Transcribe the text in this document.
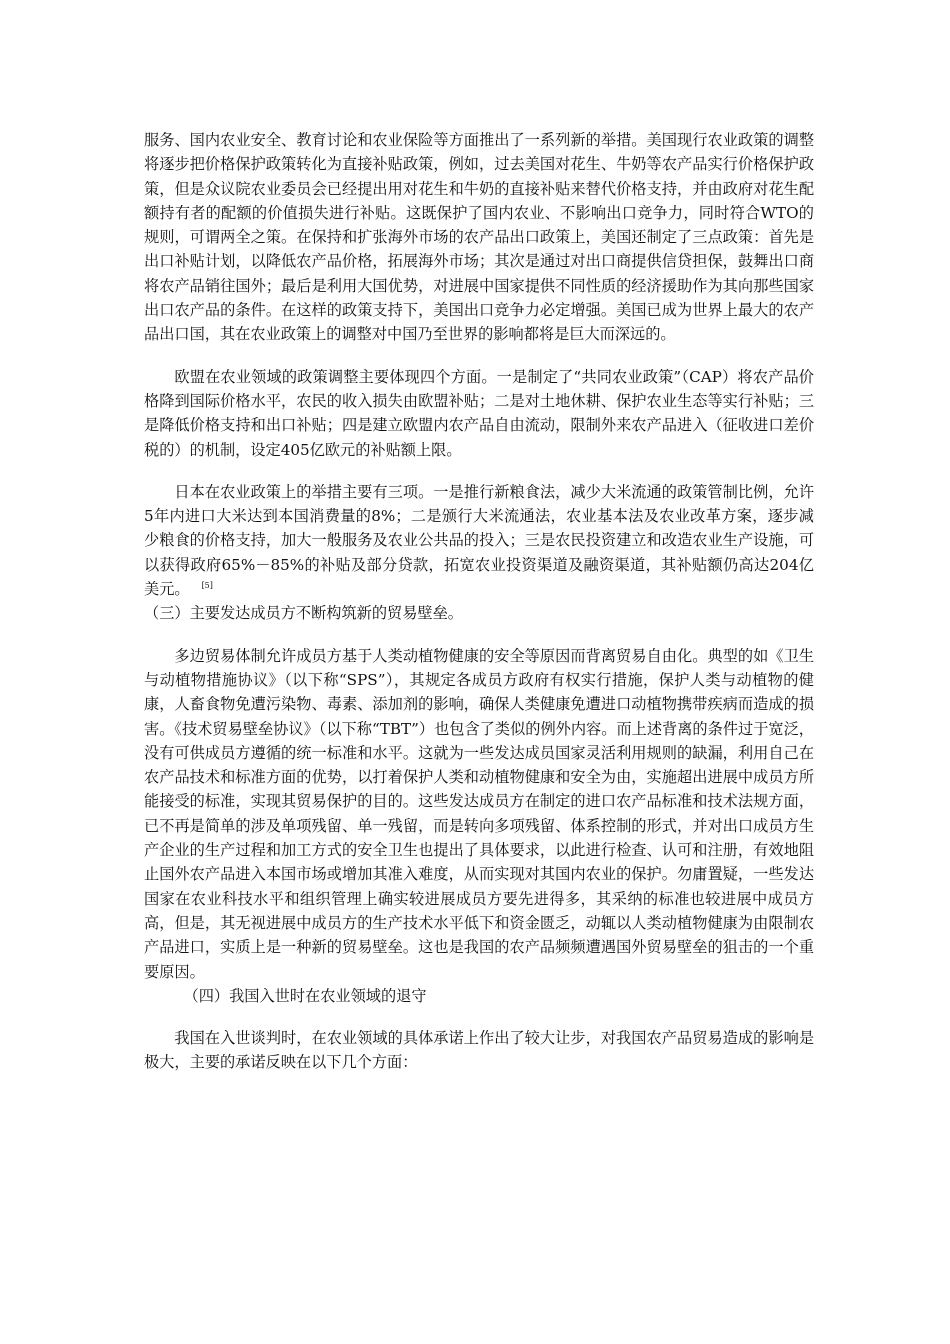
服务、国内农业安全、教育讨论和农业保险等方面推出了一系列新的举措。美国现行农业政策的调整将逐步把价格保护政策转化为直接补贴政策，例如，过去美国对花生、牛奶等农产品实行价格保护政策，但是众议院农业委员会已经提出用对花生和牛奶的直接补贴来替代价格支持，并由政府对花生配额持有者的配额的价值损失进行补贴。这既保护了国内农业、不影响出口竞争力，同时符合WTO的规则，可谓两全之策。在保持和扩张海外市场的农产品出口政策上，美国还制定了三点政策：首先是出口补贴计划，以降低农产品价格，拓展海外市场；其次是通过对出口商提供信贷担保，鼓舞出口商将农产品销往国外；最后是利用大国优势，对进展中国家提供不同性质的经济援助作为其向那些国家出口农产品的条件。在这样的政策支持下，美国出口竞争力必定增强。美国已成为世界上最大的农产品出口国，其在农业政策上的调整对中国乃至世界的影响都将是巨大而深远的。

欧盟在农业领域的政策调整主要体现四个方面。一是制定了“共同农业政策”（CAP）将农产品价格降到国际价格水平，农民的收入损失由欧盟补贴；二是对土地休耕、保护农业生态等实行补贴；三是降低价格支持和出口补贴；四是建立欧盟内农产品自由流动，限制外来农产品进入（征收进口差价税的）的机制，设定405亿欧元的补贴额上限。

日本在农业政策上的举措主要有三项。一是推行新粮食法，减少大米流通的政策管制比例，允许5年内进口大米达到本国消费量的8%；二是颁行大米流通法，农业基本法及农业改革方案，逐步减少粮食的价格支持，加大一般服务及农业公共品的投入；三是农民投资建立和改造农业生产设施，可以获得政府65%－85%的补贴及部分贷款，拓宽农业投资渠道及融资渠道，其补贴额仍高达204亿美元。 [5]

（三）主要发达成员方不断构筑新的贸易壁垒。

多边贸易体制允许成员方基于人类动植物健康的安全等原因而背离贸易自由化。典型的如《卫生与动植物措施协议》（以下称“SPS”），其规定各成员方政府有权实行措施，保护人类与动植物的健康，人畜食物免遭污染物、毒素、添加剂的影响，确保人类健康免遭进口动植物携带疾病而造成的损害。《技术贸易壁垒协议》（以下称“TBT”）也包含了类似的例外内容。而上述背离的条件过于宽泛，没有可供成员方遵循的统一标准和水平。这就为一些发达成员国家灵活利用规则的缺漏，利用自己在农产品技术和标准方面的优势，以打着保护人类和动植物健康和安全为由，实施超出进展中成员方所能接受的标准，实现其贸易保护的目的。这些发达成员方在制定的进口农产品标准和技术法规方面，已不再是简单的涉及单项残留、单一残留，而是转向多项残留、体系控制的形式，并对出口成员方生产企业的生产过程和加工方式的安全卫生也提出了具体要求，以此进行检查、认可和注册，有效地阻止国外农产品进入本国市场或增加其准入难度，从而实现对其国内农业的保护。勿庸置疑，一些发达国家在农业科技水平和组织管理上确实较进展成员方要先进得多，其采纳的标准也较进展中成员方高，但是，其无视进展中成员方的生产技术水平低下和资金匮乏，动辄以人类动植物健康为由限制农产品进口，实质上是一种新的贸易壁垒。这也是我国的农产品频频遭遇国外贸易壁垒的狙击的一个重要原因。

（四）我国入世时在农业领域的退守

我国在入世谈判时，在农业领域的具体承诺上作出了较大让步，对我国农产品贸易造成的影响是极大，主要的承诺反映在以下几个方面：
